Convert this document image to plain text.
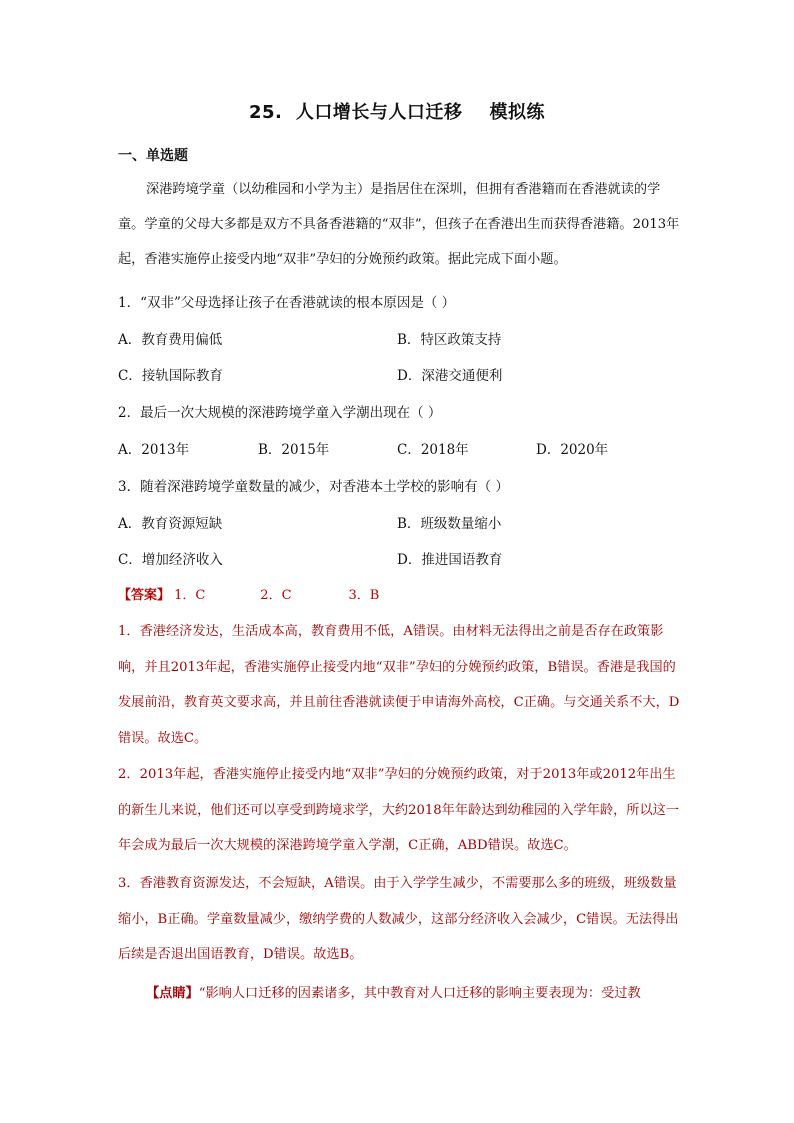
25.  人口增长与人口迁移    模拟练
一、单选题
深港跨境学童（以幼稚园和小学为主）是指居住在深圳，但拥有香港籍而在香港就读的学童。学童的父母大多都是双方不具备香港籍的“双非”，但孩子在香港出生而获得香港籍。2013年起，香港实施停止接受内地“双非”孕妇的分娩预约政策。据此完成下面小题。
1．“双非”父母选择让孩子在香港就读的根本原因是（ ）
A．教育费用偏低	B．特区政策支持
C．接轨国际教育	D．深港交通便利
2．最后一次大规模的深港跨境学童入学潮出现在（ ）
A．2013年	B．2015年	C．2018年	D．2020年
3．随着深港跨境学童数量的减少，对香港本土学校的影响有（ ）
A．教育资源短缺	B．班级数量缩小
C．增加经济收入	D．推进国语教育
【答案】 1．C	2．C	3．B
1．香港经济发达，生活成本高，教育费用不低，A错误。由材料无法得出之前是否存在政策影响，并且2013年起，香港实施停止接受内地“双非”孕妇的分娩预约政策，B错误。香港是我国的发展前沿，教育英文要求高，并且前往香港就读便于申请海外高校，C正确。与交通关系不大，D错误。故选C。
2．2013年起，香港实施停止接受内地“双非”孕妇的分娩预约政策，对于2013年或2012年出生的新生儿来说，他们还可以享受到跨境求学，大约2018年年龄达到幼稚园的入学年龄，所以这一年会成为最后一次大规模的深港跨境学童入学潮，C正确，ABD错误。故选C。
3．香港教育资源发达，不会短缺，A错误。由于入学学生减少，不需要那么多的班级，班级数量缩小，B正确。学童数量减少，缴纳学费的人数减少，这部分经济收入会减少，C错误。无法得出后续是否退出国语教育，D错误。故选B。
【点睛】“影响人口迁移的因素诸多，其中教育对人口迁移的影响主要表现为：受过教
